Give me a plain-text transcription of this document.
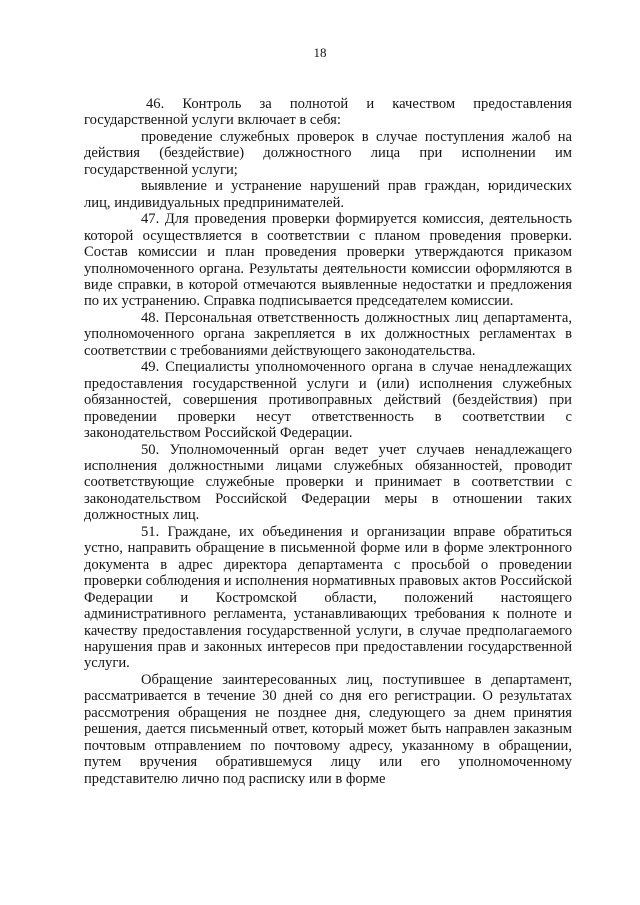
18

46. Контроль за полнотой и качеством предоставления государственной услуги включает в себя:

проведение служебных проверок в случае поступления жалоб на действия (бездействие) должностного лица при исполнении им государственной услуги;

выявление и устранение нарушений прав граждан, юридических лиц, индивидуальных предпринимателей.

47. Для проведения проверки формируется комиссия, деятельность которой осуществляется в соответствии с планом проведения проверки. Состав комиссии и план проведения проверки утверждаются приказом уполномоченного органа. Результаты деятельности комиссии оформляются в виде справки, в которой отмечаются выявленные недостатки и предложения по их устранению. Справка подписывается председателем комиссии.

48. Персональная ответственность должностных лиц департамента, уполномоченного органа закрепляется в их должностных регламентах в соответствии с требованиями действующего законодательства.

49. Специалисты уполномоченного органа в случае ненадлежащих предоставления государственной услуги и (или) исполнения служебных обязанностей, совершения противоправных действий (бездействия) при проведении проверки несут ответственность в соответствии с законодательством Российской Федерации.

50. Уполномоченный орган ведет учет случаев ненадлежащего исполнения должностными лицами служебных обязанностей, проводит соответствующие служебные проверки и принимает в соответствии с законодательством Российской Федерации меры в отношении таких должностных лиц.

51. Граждане, их объединения и организации вправе обратиться устно, направить обращение в письменной форме или в форме электронного документа в адрес директора департамента с просьбой о проведении проверки соблюдения и исполнения нормативных правовых актов Российской Федерации и Костромской области, положений настоящего административного регламента, устанавливающих требования к полноте и качеству предоставления государственной услуги, в случае предполагаемого нарушения прав и законных интересов при предоставлении государственной услуги.

Обращение заинтересованных лиц, поступившее в департамент, рассматривается в течение 30 дней со дня его регистрации. О результатах рассмотрения обращения не позднее дня, следующего за днем принятия решения, дается письменный ответ, который может быть направлен заказным почтовым отправлением по почтовому адресу, указанному в обращении, путем вручения обратившемуся лицу или его уполномоченному представителю лично под расписку или в форме
